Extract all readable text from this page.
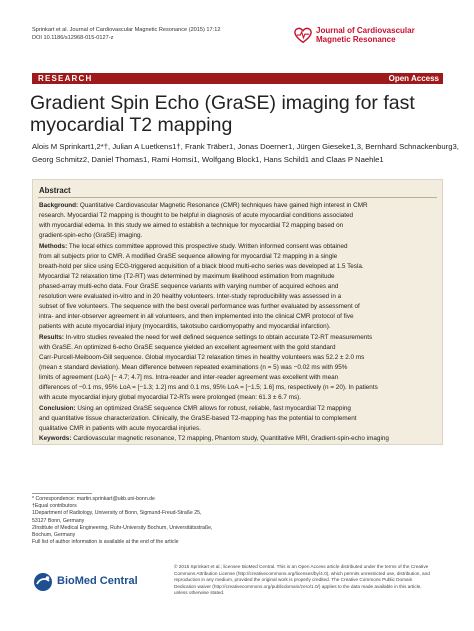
Sprinkart et al. Journal of Cardiovascular Magnetic Resonance (2015) 17:12
DOI 10.1186/s12968-015-0127-z
Journal of Cardiovascular
Magnetic Resonance
RESEARCH	Open Access
Gradient Spin Echo (GraSE) imaging for fast
myocardial T2 mapping
Alois M Sprinkart1,2*†, Julian A Luetkens1†, Frank Träber1, Jonas Doerner1, Jürgen Gieseke1,3, Bernhard Schnackenburg3,
Georg Schmitz2, Daniel Thomas1, Rami Homsi1, Wolfgang Block1, Hans Schild1 and Claas P Naehle1
Abstract
Background: Quantitative Cardiovascular Magnetic Resonance (CMR) techniques have gained high interest in CMR
research. Myocardial T2 mapping is thought to be helpful in diagnosis of acute myocardial conditions associated
with myocardial edema. In this study we aimed to establish a technique for myocardial T2 mapping based on
gradient-spin-echo (GraSE) imaging.
Methods: The local ethics committee approved this prospective study. Written informed consent was obtained
from all subjects prior to CMR. A modified GraSE sequence allowing for myocardial T2 mapping in a single
breath-hold per slice using ECG-triggered acquisition of a black blood multi-echo series was developed at 1.5 Tesla.
Myocardial T2 relaxation time (T2-RT) was determined by maximum likelihood estimation from magnitude
phased-array multi-echo data. Four GraSE sequence variants with varying number of acquired echoes and
resolution were evaluated in-vitro and in 20 healthy volunteers. Inter-study reproducibility was assessed in a
subset of five volunteers. The sequence with the best overall performance was further evaluated by assessment of
intra- and inter-observer agreement in all volunteers, and then implemented into the clinical CMR protocol of five
patients with acute myocardial injury (myocarditis, takotsubo cardiomyopathy and myocardial infarction).
Results: In-vitro studies revealed the need for well defined sequence settings to obtain accurate T2-RT measurements
with GraSE. An optimized 6-echo GraSE sequence yielded an excellent agreement with the gold standard
Carr-Purcell-Meiboom-Gill sequence. Global myocardial T2 relaxation times in healthy volunteers was 52.2 ± 2.0 ms
(mean ± standard deviation). Mean difference between repeated examinations (n = 5) was −0.02 ms with 95%
limits of agreement (LoA) [− 4.7; 4.7] ms. Intra-reader and inter-reader agreement was excellent with mean
differences of −0.1 ms, 95% LoA = [−1.3; 1.2] ms and 0.1 ms, 95% LoA = [−1.5; 1.6] ms, respectively (n = 20). In patients
with acute myocardial injury global myocardial T2-RTs were prolonged (mean: 61.3 ± 6.7 ms).
Conclusion: Using an optimized GraSE sequence CMR allows for robust, reliable, fast myocardial T2 mapping
and quantitative tissue characterization. Clinically, the GraSE-based T2-mapping has the potential to complement
qualitative CMR in patients with acute myocardial injuries.
Keywords: Cardiovascular magnetic resonance, T2 mapping, Phantom study, Quantitative MRI, Gradient-spin-echo imaging
* Correspondence: martin.sprinkart@ukb.uni-bonn.de
†Equal contributors
1Department of Radiology, University of Bonn, Sigmund-Freud-Straße 25,
53127 Bonn, Germany
2Institute of Medical Engineering, Ruhr-University Bochum, Universitätsstraße,
Bochum, Germany
Full list of author information is available at the end of the article
BioMed Central
© 2015 Sprinkart et al.; licensee BioMed Central. This is an Open Access article distributed under the terms of the Creative
Commons Attribution License (http://creativecommons.org/licenses/by/4.0), which permits unrestricted use, distribution, and
reproduction in any medium, provided the original work is properly credited. The Creative Commons Public Domain
Dedication waiver (http://creativecommons.org/publicdomain/zero/1.0/) applies to the data made available in this article,
unless otherwise stated.
